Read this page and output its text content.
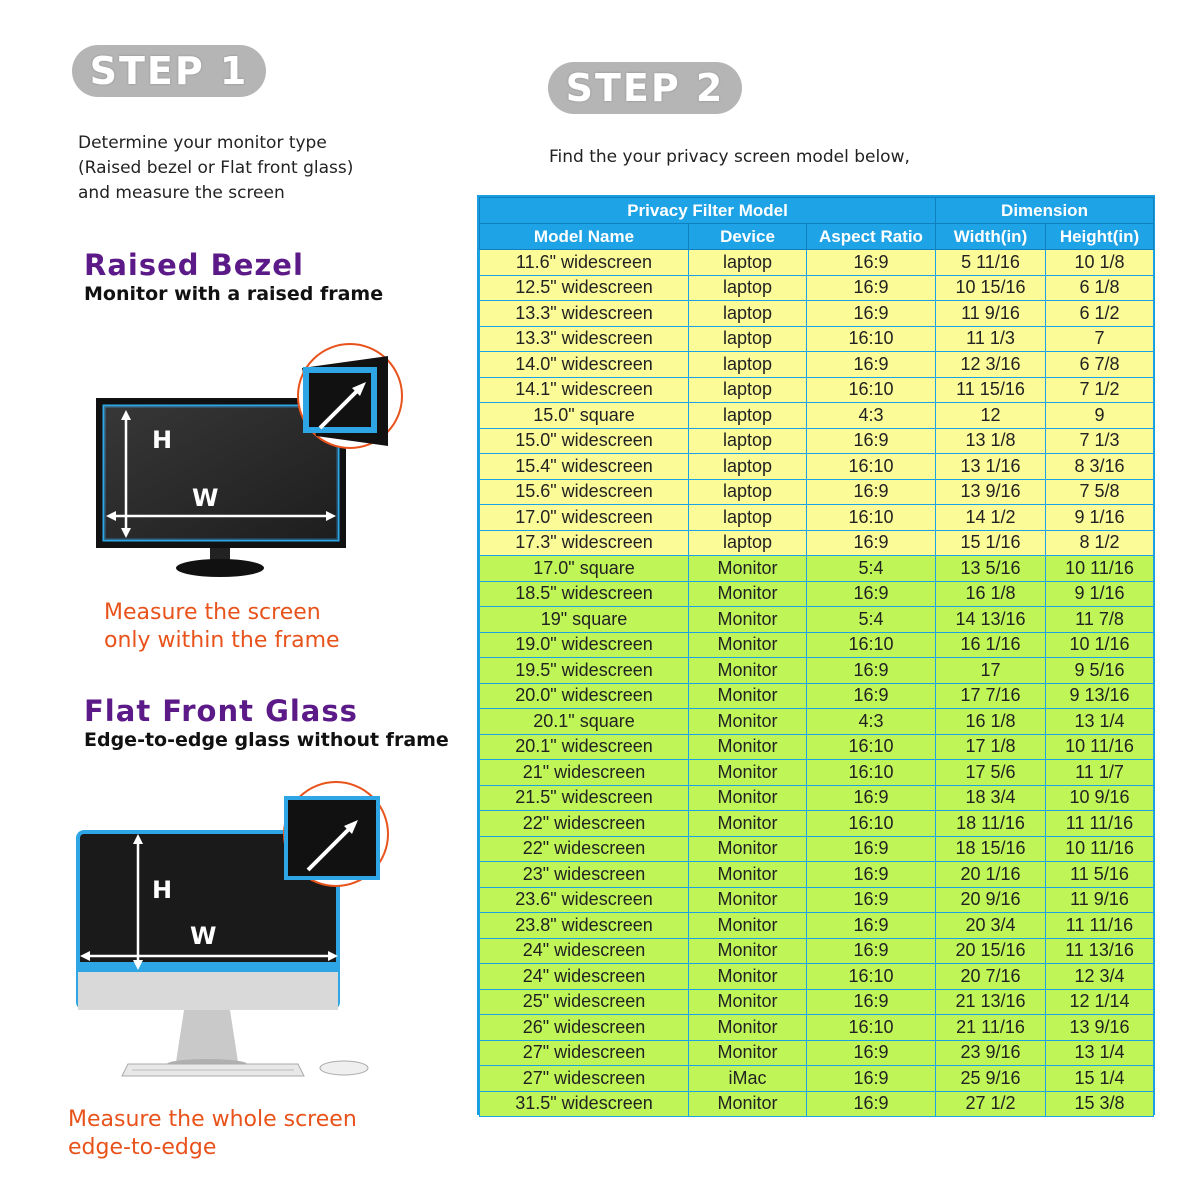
STEP 1
Determine your monitor type
(Raised bezel or Flat front glass)
and measure the screen
STEP 2
Find the your privacy screen model below,
Raised Bezel
Monitor with a raised frame
H
W
Measure the screen
only within the frame
Flat Front Glass
Edge-to-edge glass without frame
H
W
Measure the whole screen
edge-to-edge
Privacy Filter Model			Dimension	
Model Name	Device	Aspect Ratio	Width(in)	Height(in)
11.6" widescreen	laptop	16:9	5 11/16	10 1/8
12.5" widescreen	laptop	16:9	10 15/16	6 1/8
13.3" widescreen	laptop	16:9	11 9/16	6 1/2
13.3" widescreen	laptop	16:10	11 1/3	7
14.0" widescreen	laptop	16:9	12 3/16	6 7/8
14.1" widescreen	laptop	16:10	11 15/16	7 1/2
15.0" square	laptop	4:3	12	9
15.0" widescreen	laptop	16:9	13 1/8	7 1/3
15.4" widescreen	laptop	16:10	13 1/16	8 3/16
15.6" widescreen	laptop	16:9	13 9/16	7 5/8
17.0" widescreen	laptop	16:10	14 1/2	9 1/16
17.3" widescreen	laptop	16:9	15 1/16	8 1/2
17.0" square	Monitor	5:4	13 5/16	10 11/16
18.5" widescreen	Monitor	16:9	16 1/8	9 1/16
19" square	Monitor	5:4	14 13/16	11 7/8
19.0" widescreen	Monitor	16:10	16 1/16	10 1/16
19.5" widescreen	Monitor	16:9	17	9 5/16
20.0" widescreen	Monitor	16:9	17 7/16	9 13/16
20.1" square	Monitor	4:3	16 1/8	13 1/4
20.1" widescreen	Monitor	16:10	17 1/8	10 11/16
21" widescreen	Monitor	16:10	17 5/6	11 1/7
21.5" widescreen	Monitor	16:9	18 3/4	10 9/16
22" widescreen	Monitor	16:10	18 11/16	11 11/16
22" widescreen	Monitor	16:9	18 15/16	10 11/16
23" widescreen	Monitor	16:9	20 1/16	11 5/16
23.6" widescreen	Monitor	16:9	20 9/16	11 9/16
23.8" widescreen	Monitor	16:9	20 3/4	11 11/16
24" widescreen	Monitor	16:9	20 15/16	11 13/16
24" widescreen	Monitor	16:10	20 7/16	12 3/4
25" widescreen	Monitor	16:9	21 13/16	12 1/14
26" widescreen	Monitor	16:10	21 11/16	13 9/16
27" widescreen	Monitor	16:9	23 9/16	13 1/4
27" widescreen	iMac	16:9	25 9/16	15 1/4
31.5" widescreen	Monitor	16:9	27 1/2	15 3/8
